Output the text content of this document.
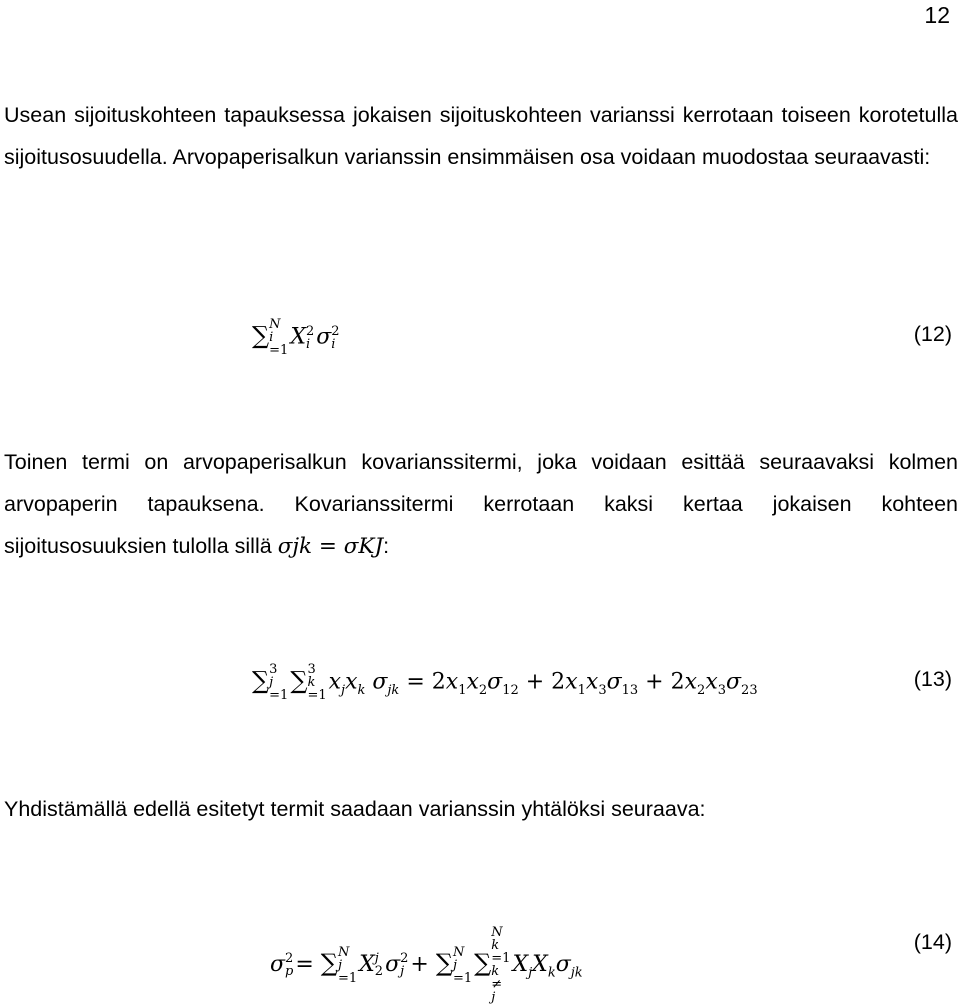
12

Usean sijoituskohteen tapauksessa jokaisen sijoituskohteen varianssi kerrotaan toiseen korotetulla sijoitusosuudella. Arvopaperisalkun varianssin ensimmäisen osa voidaan muodostaa seuraavasti:

∑ N
i
=1
X 2
i σ 2
i	(12)

Toinen termi on arvopaperisalkun kovarianssitermi, joka voidaan esittää seuraavaksi kolmen arvopaperin tapauksena. Kovarianssitermi kerrotaan kaksi kertaa jokaisen kohteen sijoitusosuuksien tulolla sillä σjk = σKJ:

∑ 3
j
=1
∑ 3
k
=1
$x_jx_k$ $\sigma_{jk} = 2x_1x_2\sigma_{12} + 2x_1x_3\sigma_{13} + 2x_2x_3\sigma_{23}$	(13)

Yhdistämällä edellä esitetyt termit saadaan varianssin yhtälöksi seuraava:

σ 2
p = ∑ N
j
=1
X j
2 σ 2
j + ∑ N
j
=1
∑
N
k
=1
k
≠
j
$X_jX_k\sigma_{jk}$
(14)
